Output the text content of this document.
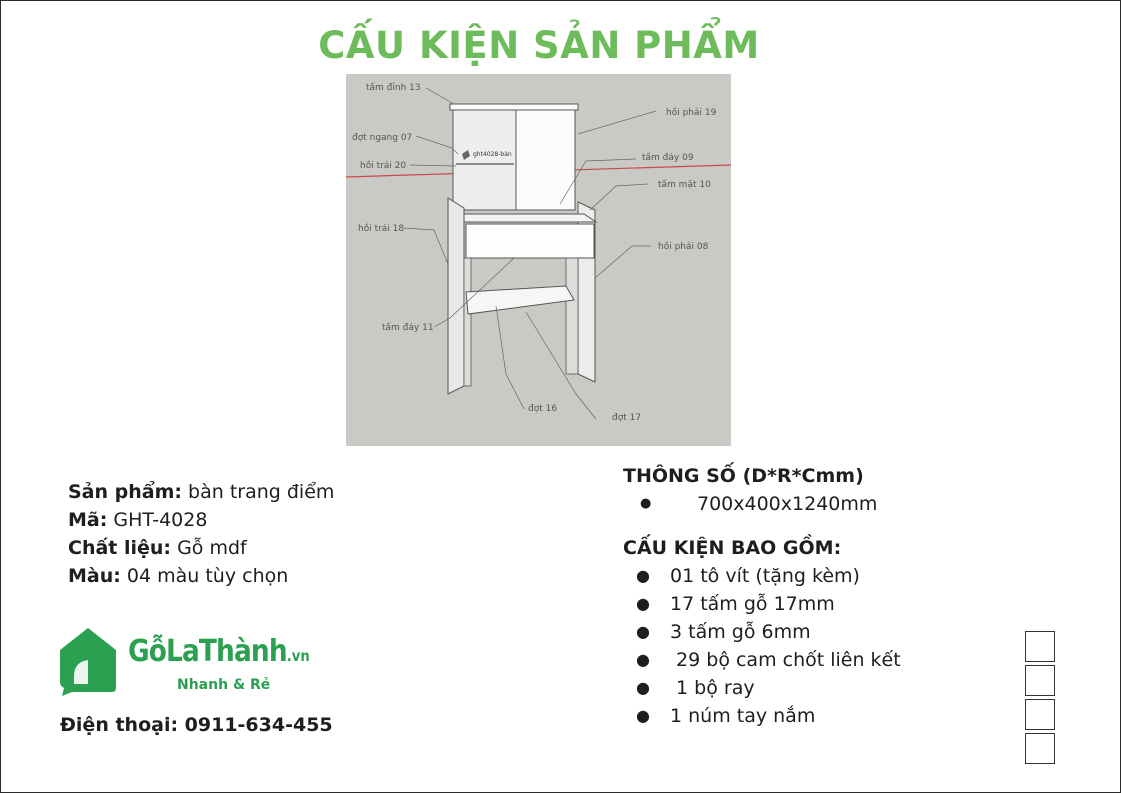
CẤU KIỆN SẢN PHẨM
ght4028-bàn
tấm đỉnh 13
đợt ngang 07
hồi trái 20
hồi trái 18
tấm đáy 11
đợt 16
đợt 17
hồi phải 19
tấm đáy 09
tấm mặt 10
hồi phải 08
Sản phẩm: bàn trang điểm
Mã: GHT-4028
Chất liệu: Gỗ mdf
Màu: 04 màu tùy chọn
THÔNG SỐ (D*R*Cmm)
● 700x400x1240mm
CẤU KIỆN BAO GỒM:
● 01 tô vít (tặng kèm)
● 17 tấm gỗ 17mm
● 3 tấm gỗ 6mm
● 29 bộ cam chốt liên kết
● 1 bộ ray
● 1 núm tay nắm
GỗLaThành.vn
Nhanh & Rẻ
Điện thoại: 0911-634-455
